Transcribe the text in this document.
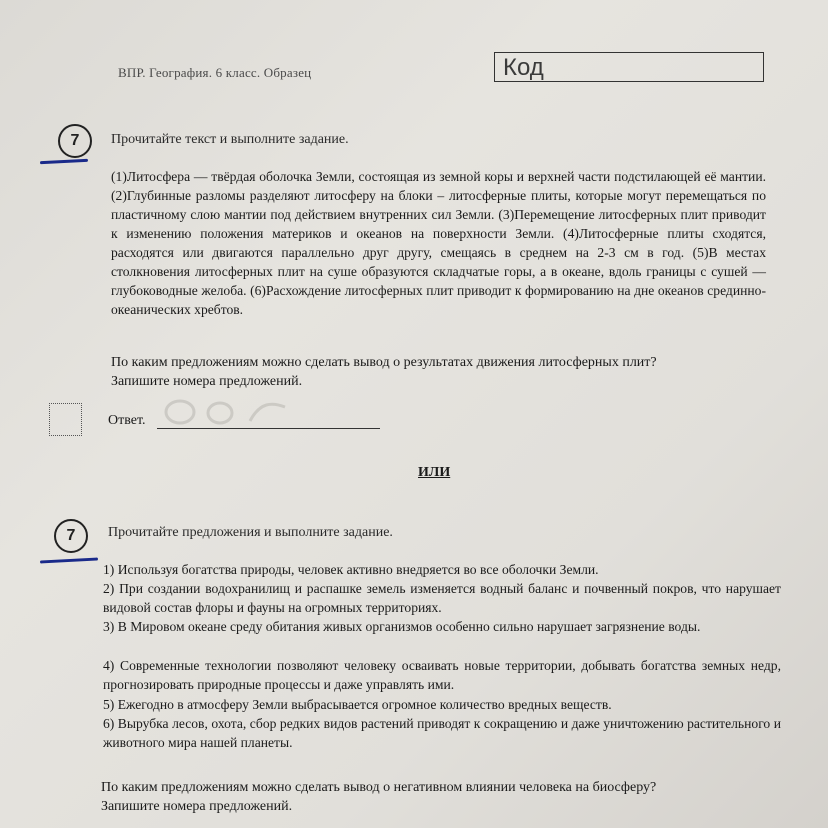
ВПР. География. 6 класс. Образец	Код
7	Прочитайте текст и выполните задание.
(1)Литосфера — твёрдая оболочка Земли, состоящая из земной коры и верхней части подстилающей её мантии. (2)Глубинные разломы разделяют литосферу на блоки – литосферные плиты, которые могут перемещаться по пластичному слою мантии под действием внутренних сил Земли. (3)Перемещение литосферных плит приводит к изменению положения материков и океанов на поверхности Земли. (4)Литосферные плиты сходятся, расходятся или двигаются параллельно друг другу, смещаясь в среднем на 2-3 см в год. (5)В местах столкновения литосферных плит на суше образуются складчатые горы, а в океане, вдоль границы с сушей — глубоководные желоба. (6)Расхождение литосферных плит приводит к формированию на дне океанов срединно-океанических хребтов.
По каким предложениям можно сделать вывод о результатах движения литосферных плит?
Запишите номера предложений.
Ответ.
ИЛИ
7	Прочитайте предложения и выполните задание.
1) Используя богатства природы, человек активно внедряется во все оболочки Земли.
2) При создании водохранилищ и распашке земель изменяется водный баланс и почвенный покров, что нарушает видовой состав флоры и фауны на огромных территориях.
3) В Мировом океане среду обитания живых организмов особенно сильно нарушает загрязнение воды.
4) Современные технологии позволяют человеку осваивать новые территории, добывать богатства земных недр, прогнозировать природные процессы и даже управлять ими.
5) Ежегодно в атмосферу Земли выбрасывается огромное количество вредных веществ.
6) Вырубка лесов, охота, сбор редких видов растений приводят к сокращению и даже уничтожению растительного и животного мира нашей планеты.
По каким предложениям можно сделать вывод о негативном влиянии человека на биосферу?
Запишите номера предложений.
